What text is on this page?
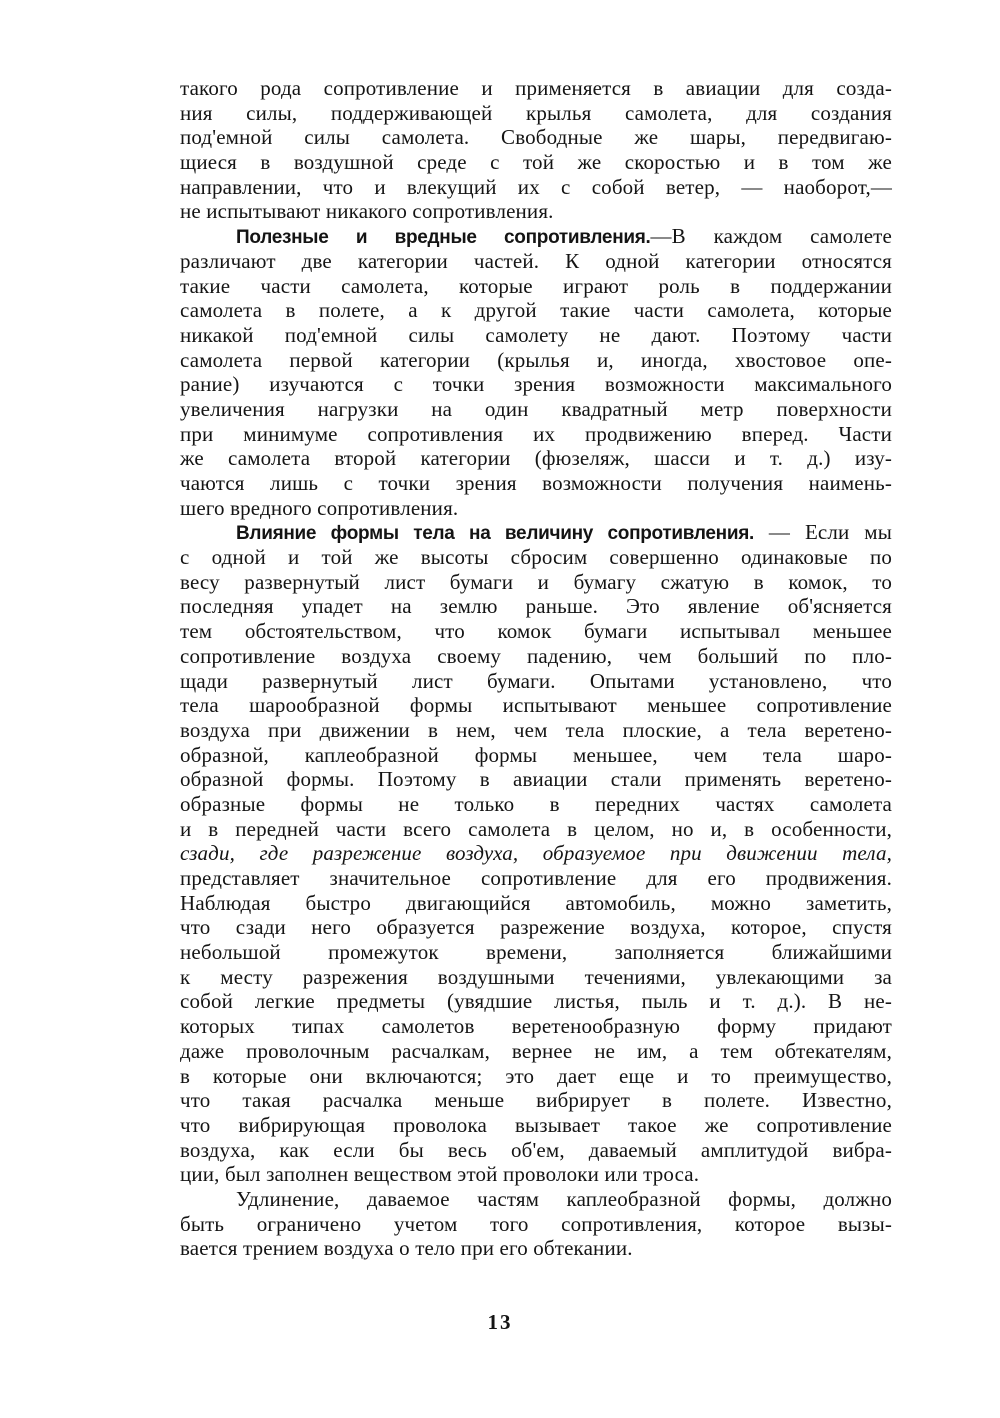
такого рода сопротивление и применяется в авиации для созда-
ния силы, поддерживающей крылья самолета, для создания
под'емной силы самолета. Свободные же шары, передвигаю-
щиеся в воздушной среде с той же скоростью и в том же
направлении, что и влекущий их с собой ветер, — наоборот,—
не испытывают никакого сопротивления.
Полезные и вредные сопротивления.—В каждом самолете
различают две категории частей. К одной категории относятся
такие части самолета, которые играют роль в поддержании
самолета в полете, а к другой такие части самолета, которые
никакой под'емной силы самолету не дают. Поэтому части
самолета первой категории (крылья и, иногда, хвостовое опе-
рание) изучаются с точки зрения возможности максимального
увеличения нагрузки на один квадратный метр поверхности
при минимуме сопротивления их продвижению вперед. Части
же самолета второй категории (фюзеляж, шасси и т. д.) изу-
чаются лишь с точки зрения возможности получения наимень-
шего вредного сопротивления.
Влияние формы тела на величину сопротивления. — Если мы
с одной и той же высоты сбросим совершенно одинаковые по
весу развернутый лист бумаги и бумагу сжатую в комок, то
последняя упадет на землю раньше. Это явление об'ясняется
тем обстоятельством, что комок бумаги испытывал меньшее
сопротивление воздуха своему падению, чем больший по пло-
щади развернутый лист бумаги. Опытами установлено, что
тела шарообразной формы испытывают меньшее сопротивление
воздуха при движении в нем, чем тела плоские, а тела веретено-
образной, каплеобразной формы меньшее, чем тела шаро-
образной формы. Поэтому в авиации стали применять веретено-
образные формы не только в передних частях самолета
и в передней части всего самолета в целом, но и, в особенности,
сзади, где разрежение воздуха, образуемое при движении тела,
представляет значительное сопротивление для его продвижения.
Наблюдая быстро двигающийся автомобиль, можно заметить,
что сзади него образуется разрежение воздуха, которое, спустя
небольшой промежуток времени, заполняется ближайшими
к месту разрежения воздушными течениями, увлекающими за
собой легкие предметы (увядшие листья, пыль и т. д.). В не-
которых типах самолетов веретенообразную форму придают
даже проволочным расчалкам, вернее не им, а тем обтекателям,
в которые они включаются; это дает еще и то преимущество,
что такая расчалка меньше вибрирует в полете. Известно,
что вибрирующая проволока вызывает такое же сопротивление
воздуха, как если бы весь об'ем, даваемый амплитудой вибра-
ции, был заполнен веществом этой проволоки или троса.
Удлинение, даваемое частям каплеобразной формы, должно
быть ограничено учетом того сопротивления, которое вызы-
вается трением воздуха о тело при его обтекании.
13
